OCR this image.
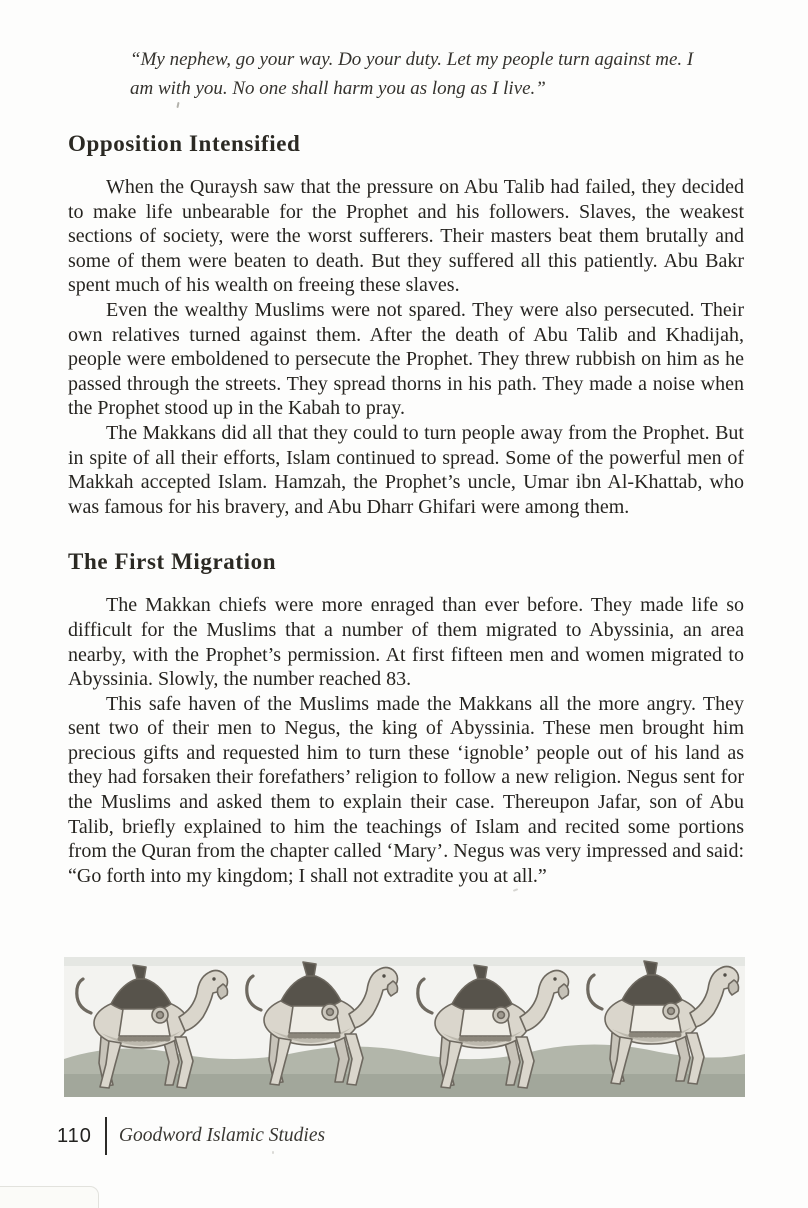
“My nephew, go your way. Do your duty. Let my people turn against me. I am with you. No one shall harm you as long as I live.”
Opposition Intensified

When the Quraysh saw that the pressure on Abu Talib had failed, they decided to make life unbearable for the Prophet and his followers. Slaves, the weakest sections of society, were the worst sufferers. Their masters beat them brutally and some of them were beaten to death. But they suffered all this patiently. Abu Bakr spent much of his wealth on freeing these slaves.

Even the wealthy Muslims were not spared. They were also persecuted. Their own relatives turned against them. After the death of Abu Talib and Khadijah, people were emboldened to persecute the Prophet. They threw rubbish on him as he passed through the streets. They spread thorns in his path. They made a noise when the Prophet stood up in the Kabah to pray.

The Makkans did all that they could to turn people away from the Prophet. But in spite of all their efforts, Islam continued to spread. Some of the powerful men of Makkah accepted Islam. Hamzah, the Prophet’s uncle, Umar ibn Al-Khattab, who was famous for his bravery, and Abu Dharr Ghifari were among them.

The First Migration

The Makkan chiefs were more enraged than ever before. They made life so difficult for the Muslims that a number of them migrated to Abyssinia, an area nearby, with the Prophet’s permission. At first fifteen men and women migrated to Abyssinia. Slowly, the number reached 83.

This safe haven of the Muslims made the Makkans all the more angry. They sent two of their men to Negus, the king of Abyssinia. These men brought him precious gifts and requested him to turn these ‘ignoble’ people out of his land as they had forsaken their forefathers’ religion to follow a new religion. Negus sent for the Muslims and asked them to explain their case. Thereupon Jafar, son of Abu Talib, briefly explained to him the teachings of Islam and recited some portions from the Quran from the chapter called ‘Mary’. Negus was very impressed and said: “Go forth into my kingdom; I shall not extradite you at all.”

110 Goodword Islamic Studies
